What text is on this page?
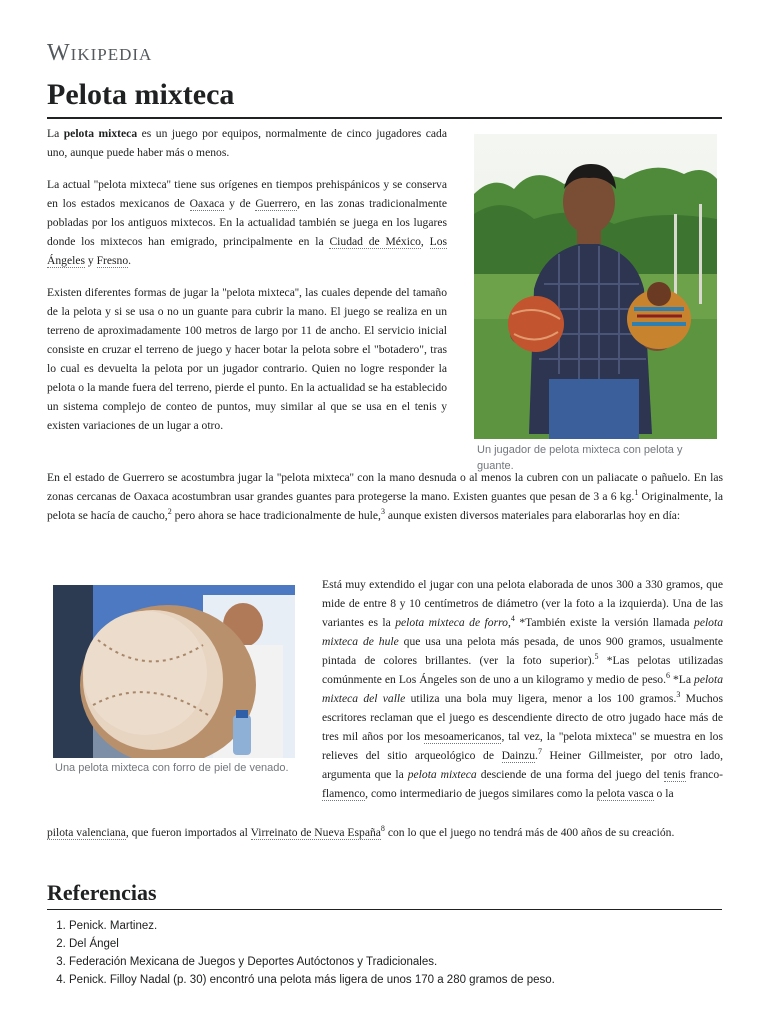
Wikipedia
Pelota mixteca

La pelota mixteca es un juego por equipos, normalmente de cinco jugadores cada uno, aunque puede haber más o menos.

La actual ''pelota mixteca'' tiene sus orígenes en tiempos prehispánicos y se conserva en los estados mexicanos de Oaxaca y de Guerrero, en las zonas tradicionalmente pobladas por los antiguos mixtecos. En la actualidad también se juega en los lugares donde los mixtecos han emigrado, principalmente en la Ciudad de México, Los Ángeles y Fresno.

Existen diferentes formas de jugar la ''pelota mixteca'', las cuales depende del tamaño de la pelota y si se usa o no un guante para cubrir la mano. El juego se realiza en un terreno de aproximadamente 100 metros de largo por 11 de ancho. El servicio inicial consiste en cruzar el terreno de juego y hacer botar la pelota sobre el "botadero", tras lo cual es devuelta la pelota por un jugador contrario. Quien no logre responder la pelota o la mande fuera del terreno, pierde el punto. En la actualidad se ha establecido un sistema complejo de conteo de puntos, muy similar al que se usa en el tenis y existen variaciones de un lugar a otro.

Un jugador de pelota mixteca con pelota y guante.

En el estado de Guerrero se acostumbra jugar la ''pelota mixteca'' con la mano desnuda o al menos la cubren con un paliacate o pañuelo. En las zonas cercanas de Oaxaca acostumbran usar grandes guantes para protegerse la mano. Existen guantes que pesan de 3 a 6 kg.$^1$ Originalmente, la pelota se hacía de caucho,$^2$ pero ahora se hace tradicionalmente de hule,$^3$ aunque existen diversos materiales para elaborarlas hoy en día:

Una pelota mixteca con forro de piel de venado.

Está muy extendido el jugar con una pelota elaborada de unos 300 a 330 gramos, que mide de entre 8 y 10 centímetros de diámetro (ver la foto a la izquierda). Una de las variantes es la pelota mixteca de forro,$^4$ *También existe la versión llamada pelota mixteca de hule que usa una pelota más pesada, de unos 900 gramos, usualmente pintada de colores brillantes. (ver la foto superior).$^5$ *Las pelotas utilizadas comúnmente en Los Ángeles son de uno a un kilogramo y medio de peso.$^6$ *La pelota mixteca del valle utiliza una bola muy ligera, menor a los 100 gramos.$^3$ Muchos escritores reclaman que el juego es descendiente directo de otro jugado hace más de tres mil años por los mesoamericanos, tal vez, la ''pelota mixteca'' se muestra en los relieves del sitio arqueológico de Dainzu.$^7$ Heiner Gillmeister, por otro lado, argumenta que la pelota mixteca desciende de una forma del juego del tenis franco-flamenco, como intermediario de juegos similares como la pelota vasca o la

pilota valenciana, que fueron importados al Virreinato de Nueva España$^8$ con lo que el juego no tendrá más de 400 años de su creación.

Referencias
1. Penick. Martinez.
2. Del Ángel
3. Federación Mexicana de Juegos y Deportes Autóctonos y Tradicionales.
4. Penick. Filloy Nadal (p. 30) encontró una pelota más ligera de unos 170 a 280 gramos de peso.
